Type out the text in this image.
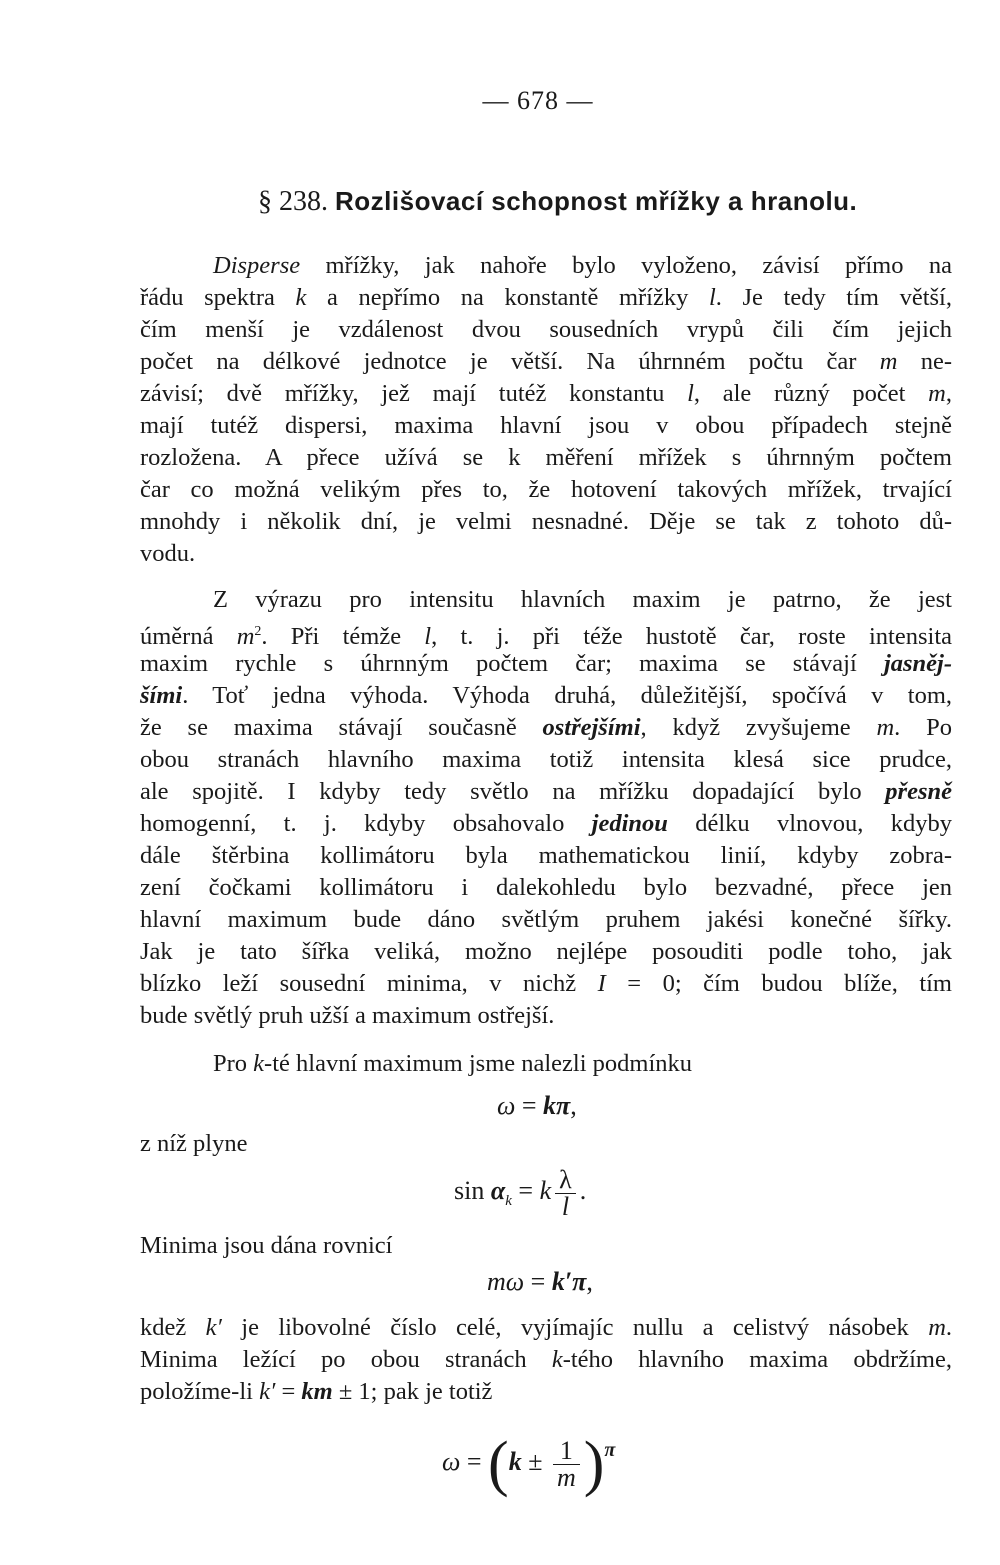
— 678 —
§ 238. Rozlišovací schopnost mřížky a hranolu.
Disperse mřížky, jak nahoře bylo vyloženo, závisí přímo na
řádu spektra k a nepřímo na konstantě mřížky l. Je tedy tím větší,
čím menší je vzdálenost dvou sousedních vrypů čili čím jejich
počet na délkové jednotce je větší. Na úhrnném počtu čar m ne-
závisí; dvě mřížky, jež mají tutéž konstantu l, ale různý počet m,
mají tutéž dispersi, maxima hlavní jsou v obou případech stejně
rozložena. A přece užívá se k měření mřížek s úhrnným počtem
čar co možná velikým přes to, že hotovení takových mřížek, trvající
mnohdy i několik dní, je velmi nesnadné. Děje se tak z tohoto dů-
vodu.
Z výrazu pro intensitu hlavních maxim je patrno, že jest
úměrná $m^2$. Při témže l, t. j. při téže hustotě čar, roste intensita
maxim rychle s úhrnným počtem čar; maxima se stávají jasněj-
šími. Toť jedna výhoda. Výhoda druhá, důležitější, spočívá v tom,
že se maxima stávají současně ostřejšími, když zvyšujeme m. Po
obou stranách hlavního maxima totiž intensita klesá sice prudce,
ale spojitě. I kdyby tedy světlo na mřížku dopadající bylo přesně
homogenní, t. j. kdyby obsahovalo jedinou délku vlnovou, kdyby
dále štěrbina kollimátoru byla mathematickou linií, kdyby zobra-
zení čočkami kollimátoru i dalekohledu bylo bezvadné, přece jen
hlavní maximum bude dáno světlým pruhem jakési konečné šířky.
Jak je tato šířka veliká, možno nejlépe posouditi podle toho, jak
blízko leží sousední minima, v nichž I = 0; čím budou blíže, tím
bude světlý pruh užší a maximum ostřejší.
Pro k-té hlavní maximum jsme nalezli podmínku
ω = kπ,
z níž plyne
$\sin \alpha_k = k \frac{\lambda}{l}$ .
Minima jsou dána rovnicí
mω = k′π,
kdež k′ je libovolné číslo celé, vyjímajíc nullu a celistvý násobek m.
Minima ležící po obou stranách k-tého hlavního maxima obdržíme,
položíme-li k′ = km ± 1; pak je totiž
$\omega = (k \pm \frac{1}{m} )^\pi$
